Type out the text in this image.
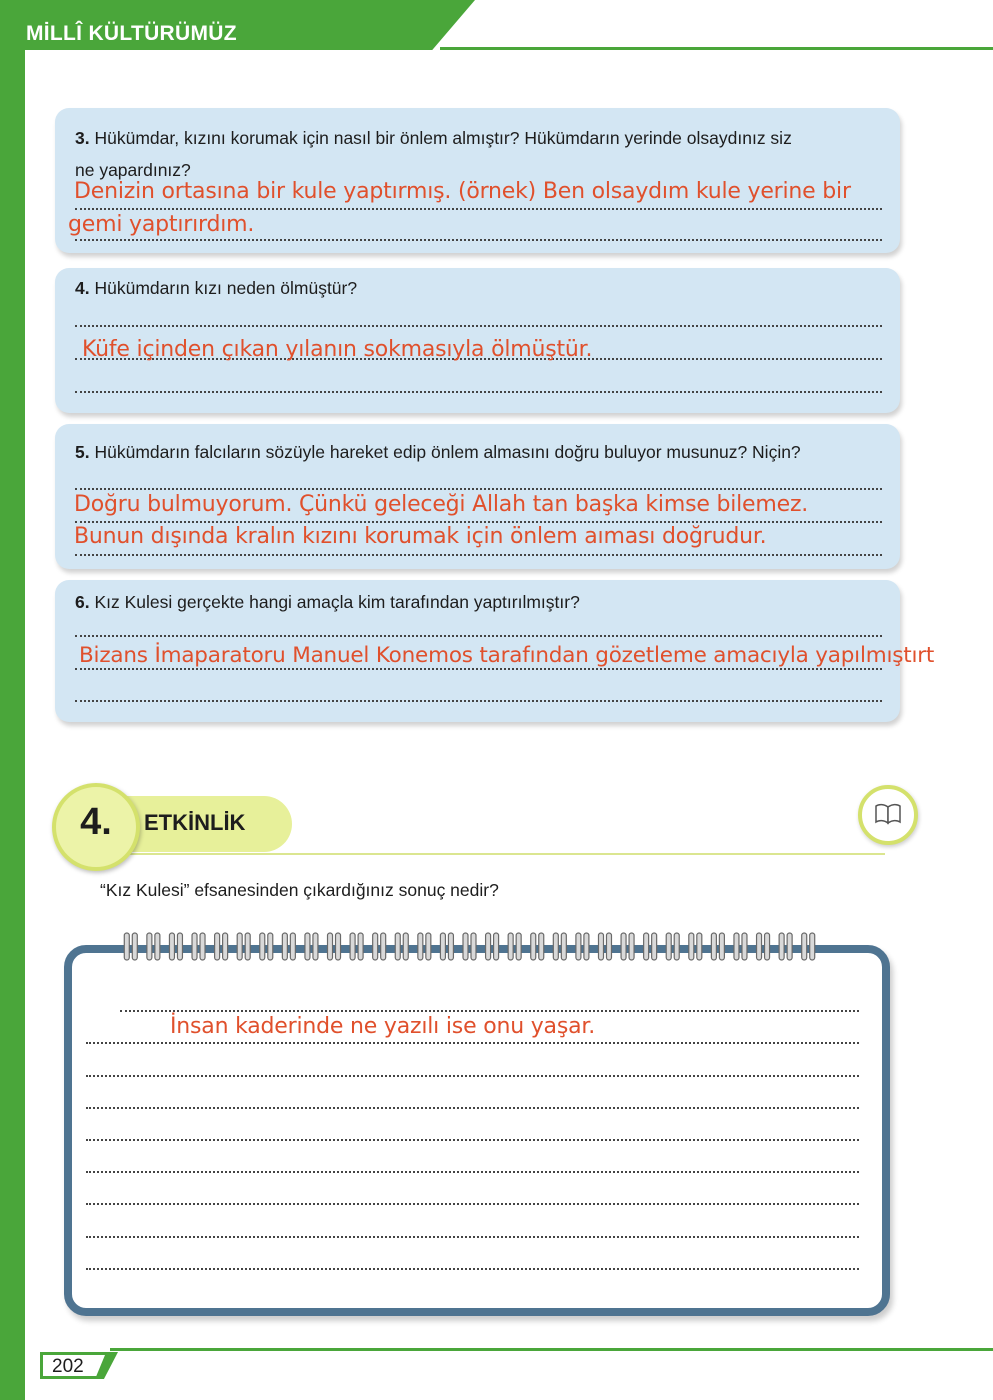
MİLLÎ KÜLTÜRÜMÜZ
3. Hükümdar, kızını korumak için nasıl bir önlem almıştır? Hükümdarın yerinde olsaydınız siz
ne yapardınız?
Denizin ortasına bir kule yaptırmış. (örnek) Ben olsaydım kule yerine bir
gemi yaptırırdım.
4. Hükümdarın kızı neden ölmüştür?
Küfe içinden çıkan yılanın sokmasıyla ölmüştür.
5. Hükümdarın falcıların sözüyle hareket edip önlem almasını doğru buluyor musunuz? Niçin?
Doğru bulmuyorum. Çünkü geleceği Allah tan başka kimse bilemez.
Bunun dışında kralın kızını korumak için önlem aıması doğrudur.
6. Kız Kulesi gerçekte hangi amaçla kim tarafından yaptırılmıştır?
Bizans İmaparatoru Manuel Konemos tarafından gözetleme amacıyla yapılmıştırt
4.	ETKİNLİK
“Kız Kulesi” efsanesinden çıkardığınız sonuç nedir?
İnsan kaderinde ne yazılı ise onu yaşar.
202
